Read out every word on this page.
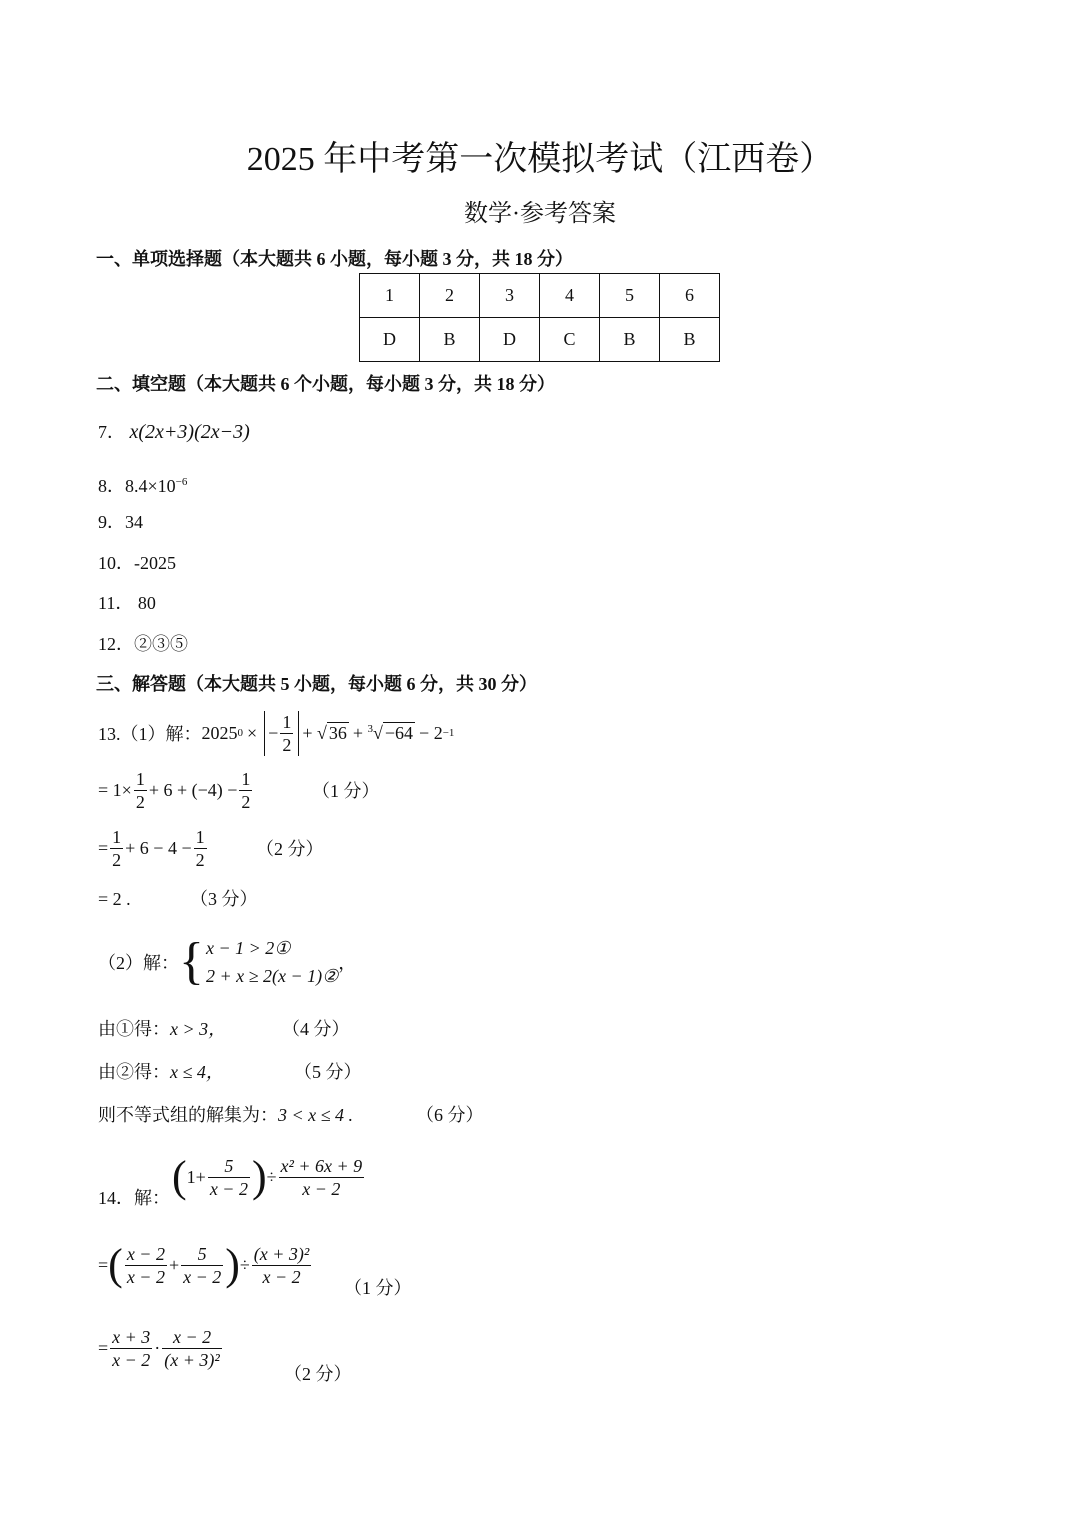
2025 年中考第一次模拟考试（江西卷）
数学·参考答案
一、单项选择题（本大题共 6 小题，每小题 3 分，共 18 分）
1	2	3	4	5	6
D	B	D	C	B	B
二、填空题（本大题共 6 个小题，每小题 3 分，共 18 分）
7． x(2x+3)(2x−3)
8．$8.4\times 10^{-6}$
9．34
10．-2025
11． 80
12．②③⑤
三、解答题（本大题共 5 小题，每小题 6 分，共 30 分）
13.（1）解： 2025 0 × − $\frac{1}{2}$ + √ 36 + $^3$√ −64 − 2 −1
= $1\times \frac{1}{2} + 6 + (-4) - \frac{1}{2}$	（1 分）
= $\frac{1}{2} + 6 - 4 - \frac{1}{2}$	（2 分）
= 2 .	（3 分）
（2）解： { x − 1 > 2①
2 + x ≥ 2(x − 1)②
，
由①得：x > 3，	（4 分）
由②得：x ≤ 4，	（5 分）
则不等式组的解集为：3 < x ≤ 4 .	（6 分）
14．解： ( $1+ \frac{5}{x - 2}$ ) ÷ $\frac{\text{x² + 6x + 9}}{x - 2}$
= ( $\frac{x - 2}{x - 2} + \frac{5}{x - 2}$ ) ÷ $\frac{\text{(x + 3)²}}{x - 2}$
（1 分）
= $\frac{x + 3}{x - 2} \cdot \frac{x - 2}{\text{(x + 3)²}}$
（2 分）
